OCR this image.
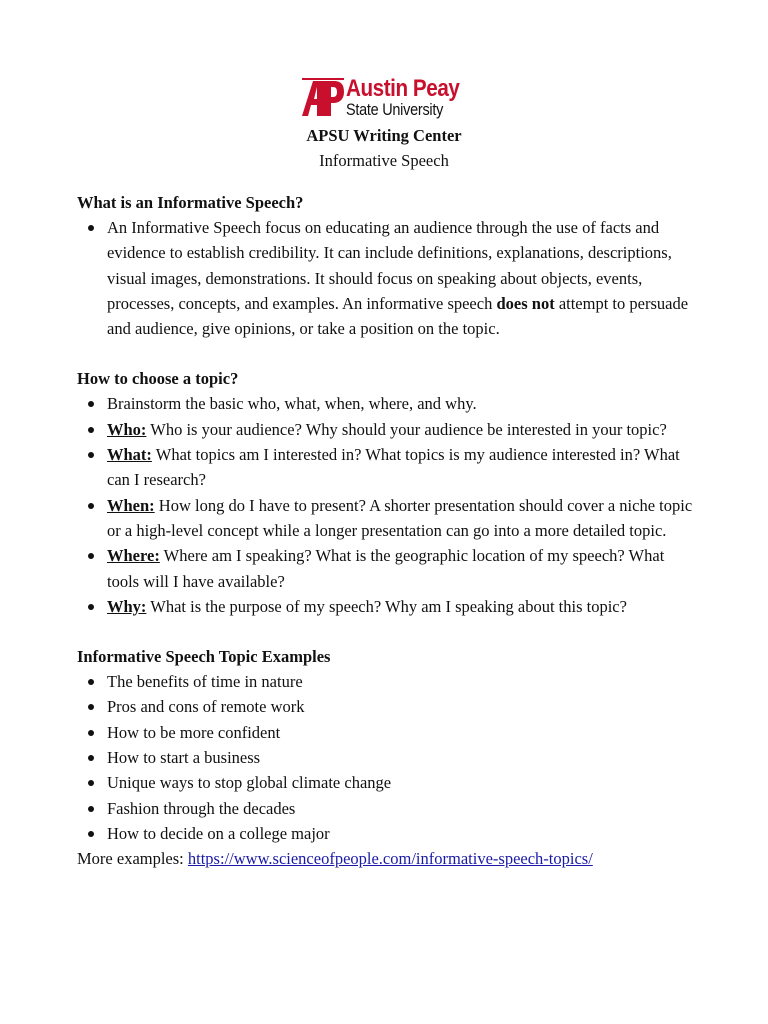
Austin Peay
State University
APSU Writing Center
Informative Speech
What is an Informative Speech?
An Informative Speech focus on educating an audience through the use of facts and evidence to establish credibility. It can include definitions, explanations, descriptions, visual images, demonstrations. It should focus on speaking about objects, events, processes, concepts, and examples. An informative speech does not attempt to persuade and audience, give opinions, or take a position on the topic.
How to choose a topic?
Brainstorm the basic who, what, when, where, and why.
Who: Who is your audience? Why should your audience be interested in your topic?
What: What topics am I interested in? What topics is my audience interested in? What can I research?
When: How long do I have to present? A shorter presentation should cover a niche topic or a high-level concept while a longer presentation can go into a more detailed topic.
Where: Where am I speaking? What is the geographic location of my speech? What tools will I have available?
Why: What is the purpose of my speech? Why am I speaking about this topic?
Informative Speech Topic Examples
The benefits of time in nature
Pros and cons of remote work
How to be more confident
How to start a business
Unique ways to stop global climate change
Fashion through the decades
How to decide on a college major
More examples: https://www.scienceofpeople.com/informative-speech-topics/
